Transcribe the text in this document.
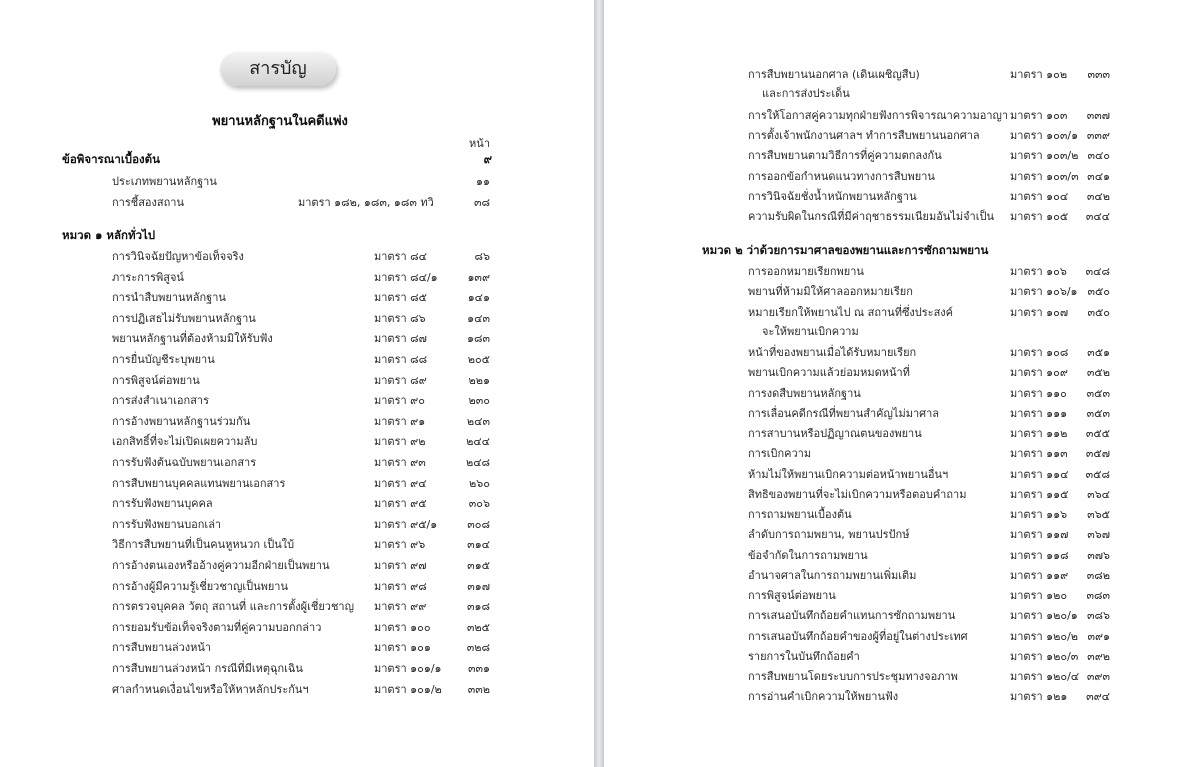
สารบัญ
พยานหลักฐานในคดีแพ่ง
หน้า
ข้อพิจารณาเบื้องต้น	๙
ประเภทพยานหลักฐาน	๑๑
การชี้สองสถาน	มาตรา ๑๘๒, ๑๘๓, ๑๘๓ ทวิ	๓๘
หมวด ๑ หลักทั่วไป
การวินิจฉัยปัญหาข้อเท็จจริง	มาตรา ๘๔	๘๖
ภาระการพิสูจน์	มาตรา ๘๔/๑	๑๓๙
การนำสืบพยานหลักฐาน	มาตรา ๘๕	๑๔๑
การปฏิเสธไม่รับพยานหลักฐาน	มาตรา ๘๖	๑๔๓
พยานหลักฐานที่ต้องห้ามมิให้รับฟัง	มาตรา ๘๗	๑๘๓
การยื่นบัญชีระบุพยาน	มาตรา ๘๘	๒๐๕
การพิสูจน์ต่อพยาน	มาตรา ๘๙	๒๒๑
การส่งสำเนาเอกสาร	มาตรา ๙๐	๒๓๐
การอ้างพยานหลักฐานร่วมกัน	มาตรา ๙๑	๒๔๓
เอกสิทธิ์ที่จะไม่เปิดเผยความลับ	มาตรา ๙๒	๒๔๔
การรับฟังต้นฉบับพยานเอกสาร	มาตรา ๙๓	๒๔๘
การสืบพยานบุคคลแทนพยานเอกสาร	มาตรา ๙๔	๒๖๐
การรับฟังพยานบุคคล	มาตรา ๙๕	๓๐๖
การรับฟังพยานบอกเล่า	มาตรา ๙๕/๑	๓๐๘
วิธีการสืบพยานที่เป็นคนหูหนวก เป็นใบ้	มาตรา ๙๖	๓๑๔
การอ้างตนเองหรืออ้างคู่ความอีกฝ่ายเป็นพยาน	มาตรา ๙๗	๓๑๕
การอ้างผู้มีความรู้เชี่ยวชาญเป็นพยาน	มาตรา ๙๘	๓๑๗
การตรวจบุคคล วัตถุ สถานที่ และการตั้งผู้เชี่ยวชาญ มาตรา ๙๙	๓๑๘
การยอมรับข้อเท็จจริงตามที่คู่ความบอกกล่าว	มาตรา ๑๐๐	๓๒๕
การสืบพยานล่วงหน้า	มาตรา ๑๐๑	๓๒๘
การสืบพยานล่วงหน้า กรณีที่มีเหตุฉุกเฉิน	มาตรา ๑๐๑/๑	๓๓๑
ศาลกำหนดเงื่อนไขหรือให้หาหลักประกันฯ	มาตรา ๑๐๑/๒	๓๓๒
การสืบพยานนอกศาล (เดินเผชิญสืบ)	มาตรา ๑๐๒	๓๓๓
และการส่งประเด็น
การให้โอกาสคู่ความทุกฝ่ายฟังการพิจารณาความอาญา มาตรา ๑๐๓	๓๓๗
การตั้งเจ้าพนักงานศาลฯ ทำการสืบพยานนอกศาล	มาตรา ๑๐๓/๑ ๓๓๙
การสืบพยานตามวิธีการที่คู่ความตกลงกัน	มาตรา ๑๐๓/๒ ๓๔๐
การออกข้อกำหนดแนวทางการสืบพยาน	มาตรา ๑๐๓/๓ ๓๔๑
การวินิจฉัยชั่งน้ำหนักพยานหลักฐาน	มาตรา ๑๐๔	๓๔๒
ความรับผิดในกรณีที่มีค่าฤชาธรรมเนียมอันไม่จำเป็น มาตรา ๑๐๕	๓๔๔
หมวด ๒ ว่าด้วยการมาศาลของพยานและการซักถามพยาน
การออกหมายเรียกพยาน	มาตรา ๑๐๖	๓๔๘
พยานที่ห้ามมิให้ศาลออกหมายเรียก	มาตรา ๑๐๖/๑ ๓๕๐
หมายเรียกให้พยานไป ณ สถานที่ซึ่งประสงค์	มาตรา ๑๐๗	๓๕๐
จะให้พยานเบิกความ
หน้าที่ของพยานเมื่อได้รับหมายเรียก	มาตรา ๑๐๘	๓๕๑
พยานเบิกความแล้วย่อมหมดหน้าที่	มาตรา ๑๐๙	๓๕๒
การงดสืบพยานหลักฐาน	มาตรา ๑๑๐	๓๕๓
การเลื่อนคดีกรณีที่พยานสำคัญไม่มาศาล	มาตรา ๑๑๑	๓๕๓
การสาบานหรือปฏิญาณตนของพยาน	มาตรา ๑๑๒	๓๕๕
การเบิกความ	มาตรา ๑๑๓	๓๕๗
ห้ามไม่ให้พยานเบิกความต่อหน้าพยานอื่นฯ	มาตรา ๑๑๔	๓๕๘
สิทธิของพยานที่จะไม่เบิกความหรือตอบคำถาม	มาตรา ๑๑๕	๓๖๔
การถามพยานเบื้องต้น	มาตรา ๑๑๖	๓๖๕
ลำดับการถามพยาน, พยานปรปักษ์	มาตรา ๑๑๗	๓๖๗
ข้อจำกัดในการถามพยาน	มาตรา ๑๑๘	๓๗๖
อำนาจศาลในการถามพยานเพิ่มเติม	มาตรา ๑๑๙	๓๘๒
การพิสูจน์ต่อพยาน	มาตรา ๑๒๐	๓๘๓
การเสนอบันทึกถ้อยคำแทนการซักถามพยาน	มาตรา ๑๒๐/๑ ๓๘๖
การเสนอบันทึกถ้อยคำของผู้ที่อยู่ในต่างประเทศ	มาตรา ๑๒๐/๒ ๓๙๑
รายการในบันทึกถ้อยคำ	มาตรา ๑๒๐/๓ ๓๙๒
การสืบพยานโดยระบบการประชุมทางจอภาพ	มาตรา ๑๒๐/๔ ๓๙๓
การอ่านคำเบิกความให้พยานฟัง	มาตรา ๑๒๑	๓๙๔
